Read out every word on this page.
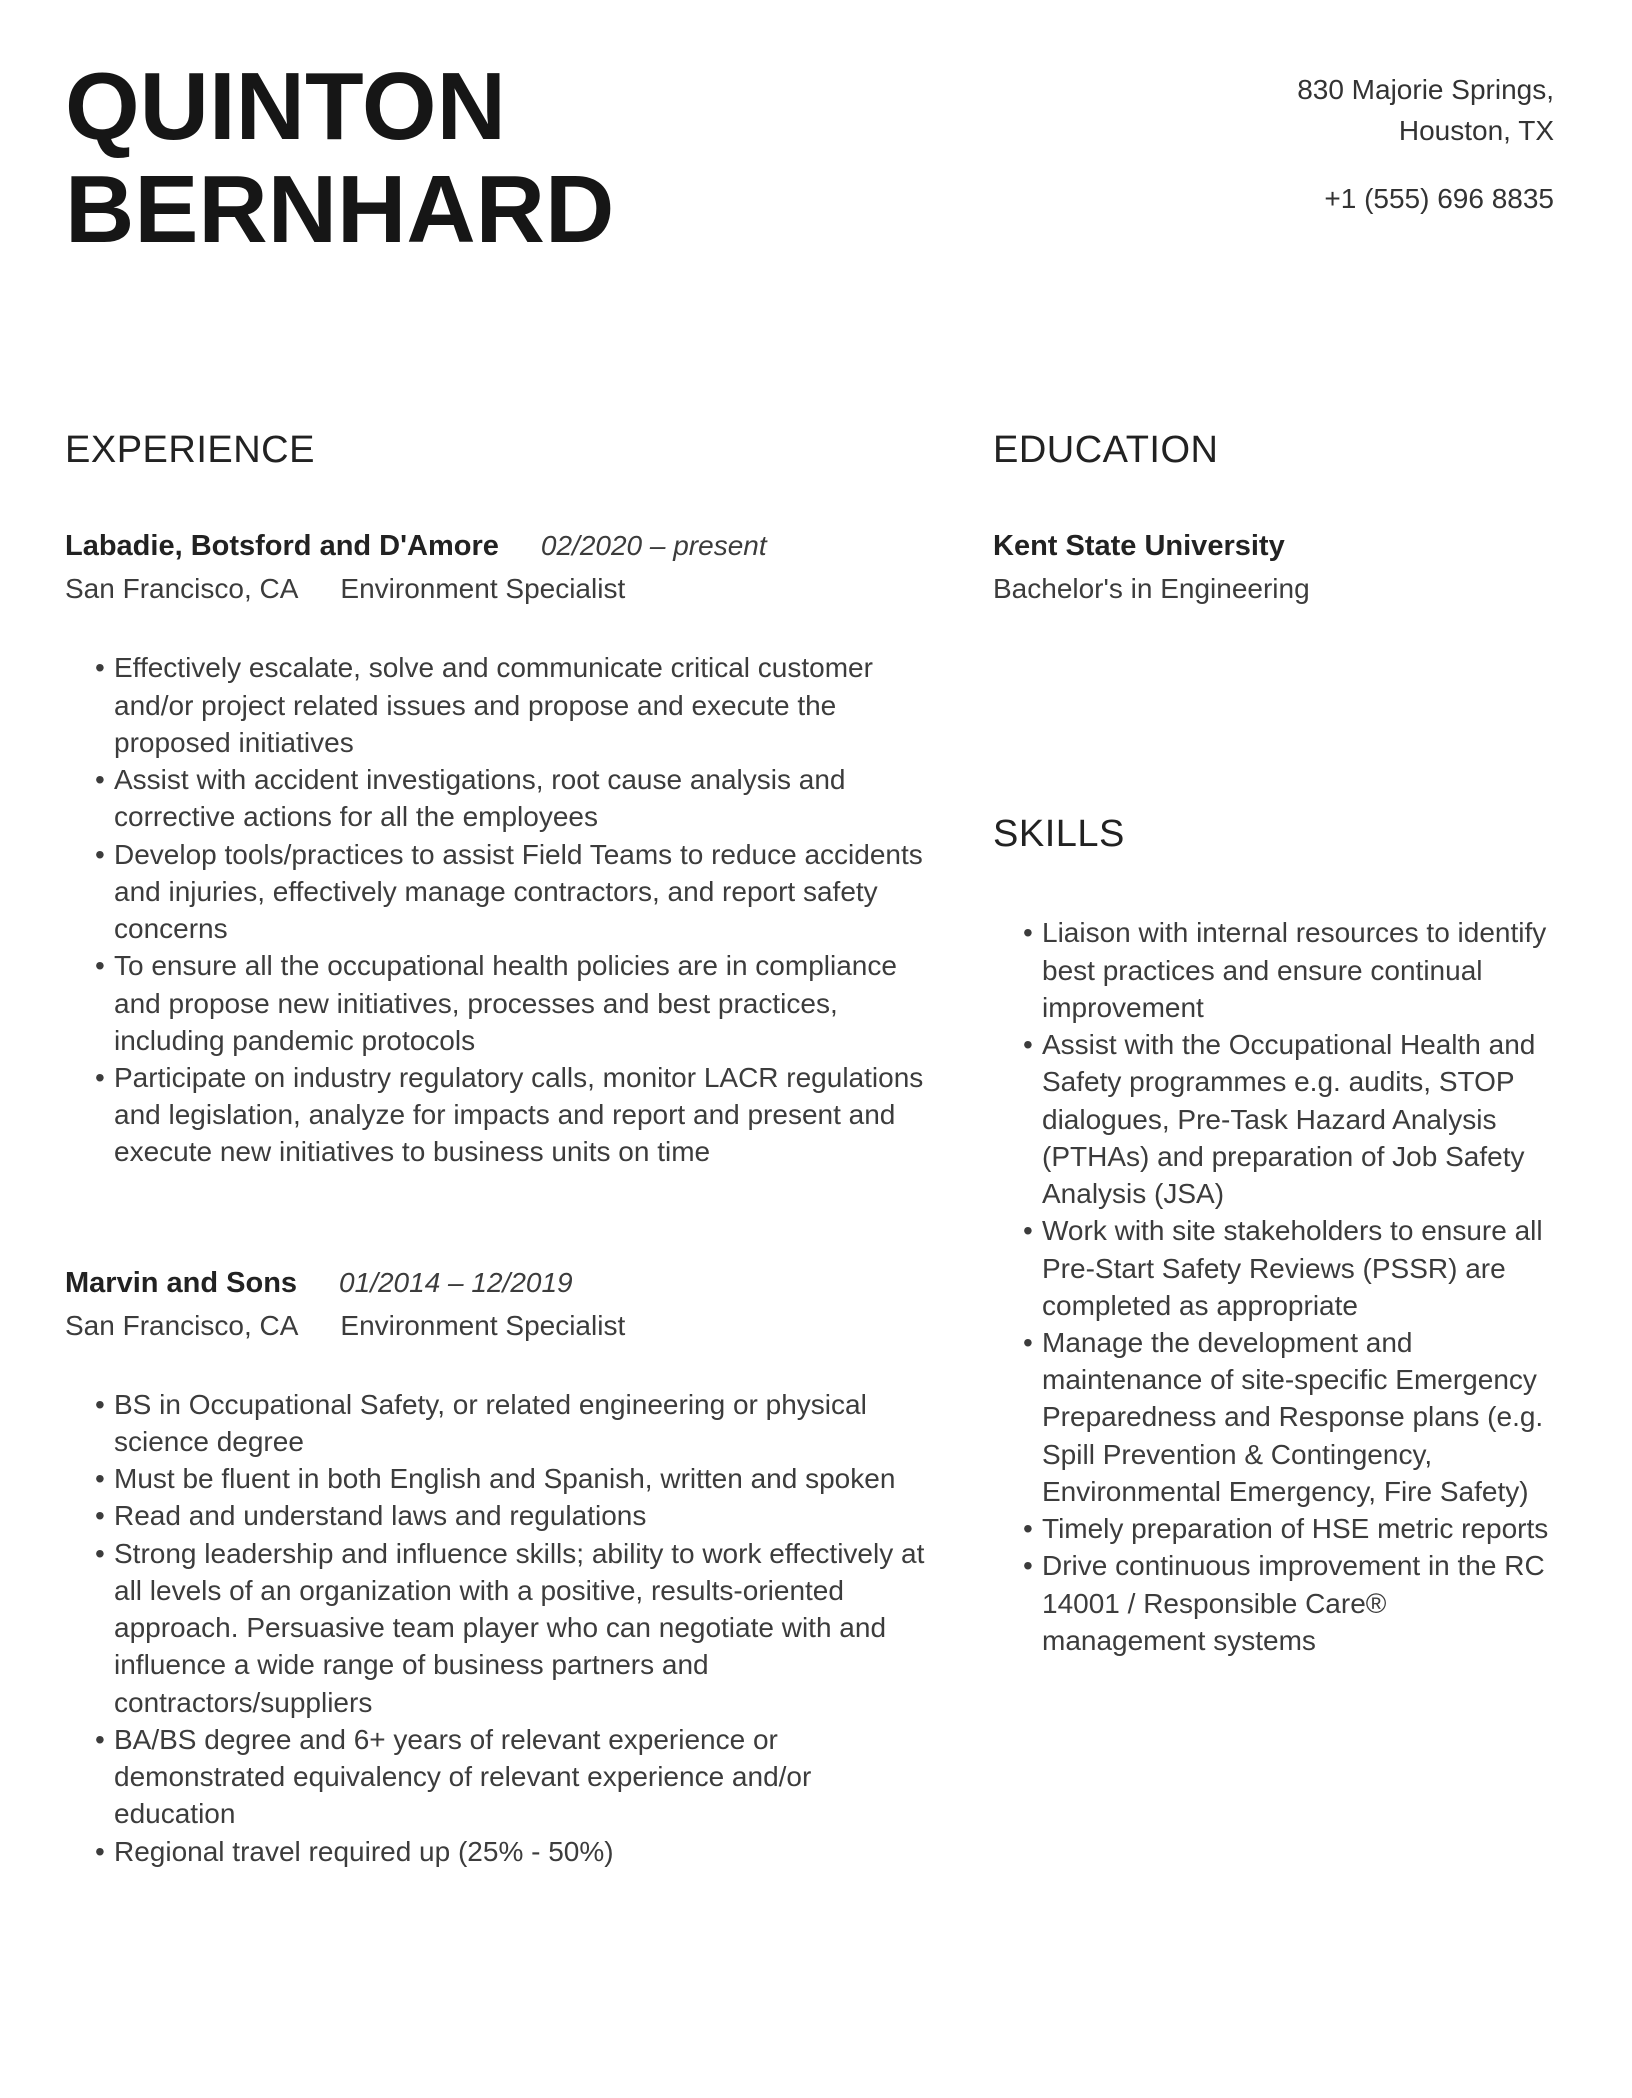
QUINTON
BERNHARD
830 Majorie Springs,
Houston, TX
+1 (555) 696 8835
EXPERIENCE
Labadie, Botsford and D'Amore 02/2020 – present
San Francisco, CA Environment Specialist
• Effectively escalate, solve and communicate critical customer and/or project related issues and propose and execute the proposed initiatives
• Assist with accident investigations, root cause analysis and corrective actions for all the employees
• Develop tools/practices to assist Field Teams to reduce accidents and injuries, effectively manage contractors, and report safety concerns
• To ensure all the occupational health policies are in compliance and propose new initiatives, processes and best practices, including pandemic protocols
• Participate on industry regulatory calls, monitor LACR regulations and legislation, analyze for impacts and report and present and execute new initiatives to business units on time
Marvin and Sons 01/2014 – 12/2019
San Francisco, CA Environment Specialist
• BS in Occupational Safety, or related engineering or physical science degree
• Must be fluent in both English and Spanish, written and spoken
• Read and understand laws and regulations
• Strong leadership and influence skills; ability to work effectively at all levels of an organization with a positive, results-oriented approach. Persuasive team player who can negotiate with and influence a wide range of business partners and contractors/suppliers
• BA/BS degree and 6+ years of relevant experience or demonstrated equivalency of relevant experience and/or education
• Regional travel required up (25% - 50%)
EDUCATION
Kent State University
Bachelor's in Engineering
SKILLS
• Liaison with internal resources to identify best practices and ensure continual improvement
• Assist with the Occupational Health and Safety programmes e.g. audits, STOP dialogues, Pre-Task Hazard Analysis (PTHAs) and preparation of Job Safety Analysis (JSA)
• Work with site stakeholders to ensure all Pre-Start Safety Reviews (PSSR) are completed as appropriate
• Manage the development and maintenance of site-specific Emergency Preparedness and Response plans (e.g. Spill Prevention & Contingency, Environmental Emergency, Fire Safety)
• Timely preparation of HSE metric reports
• Drive continuous improvement in the RC 14001 / Responsible Care® management systems
